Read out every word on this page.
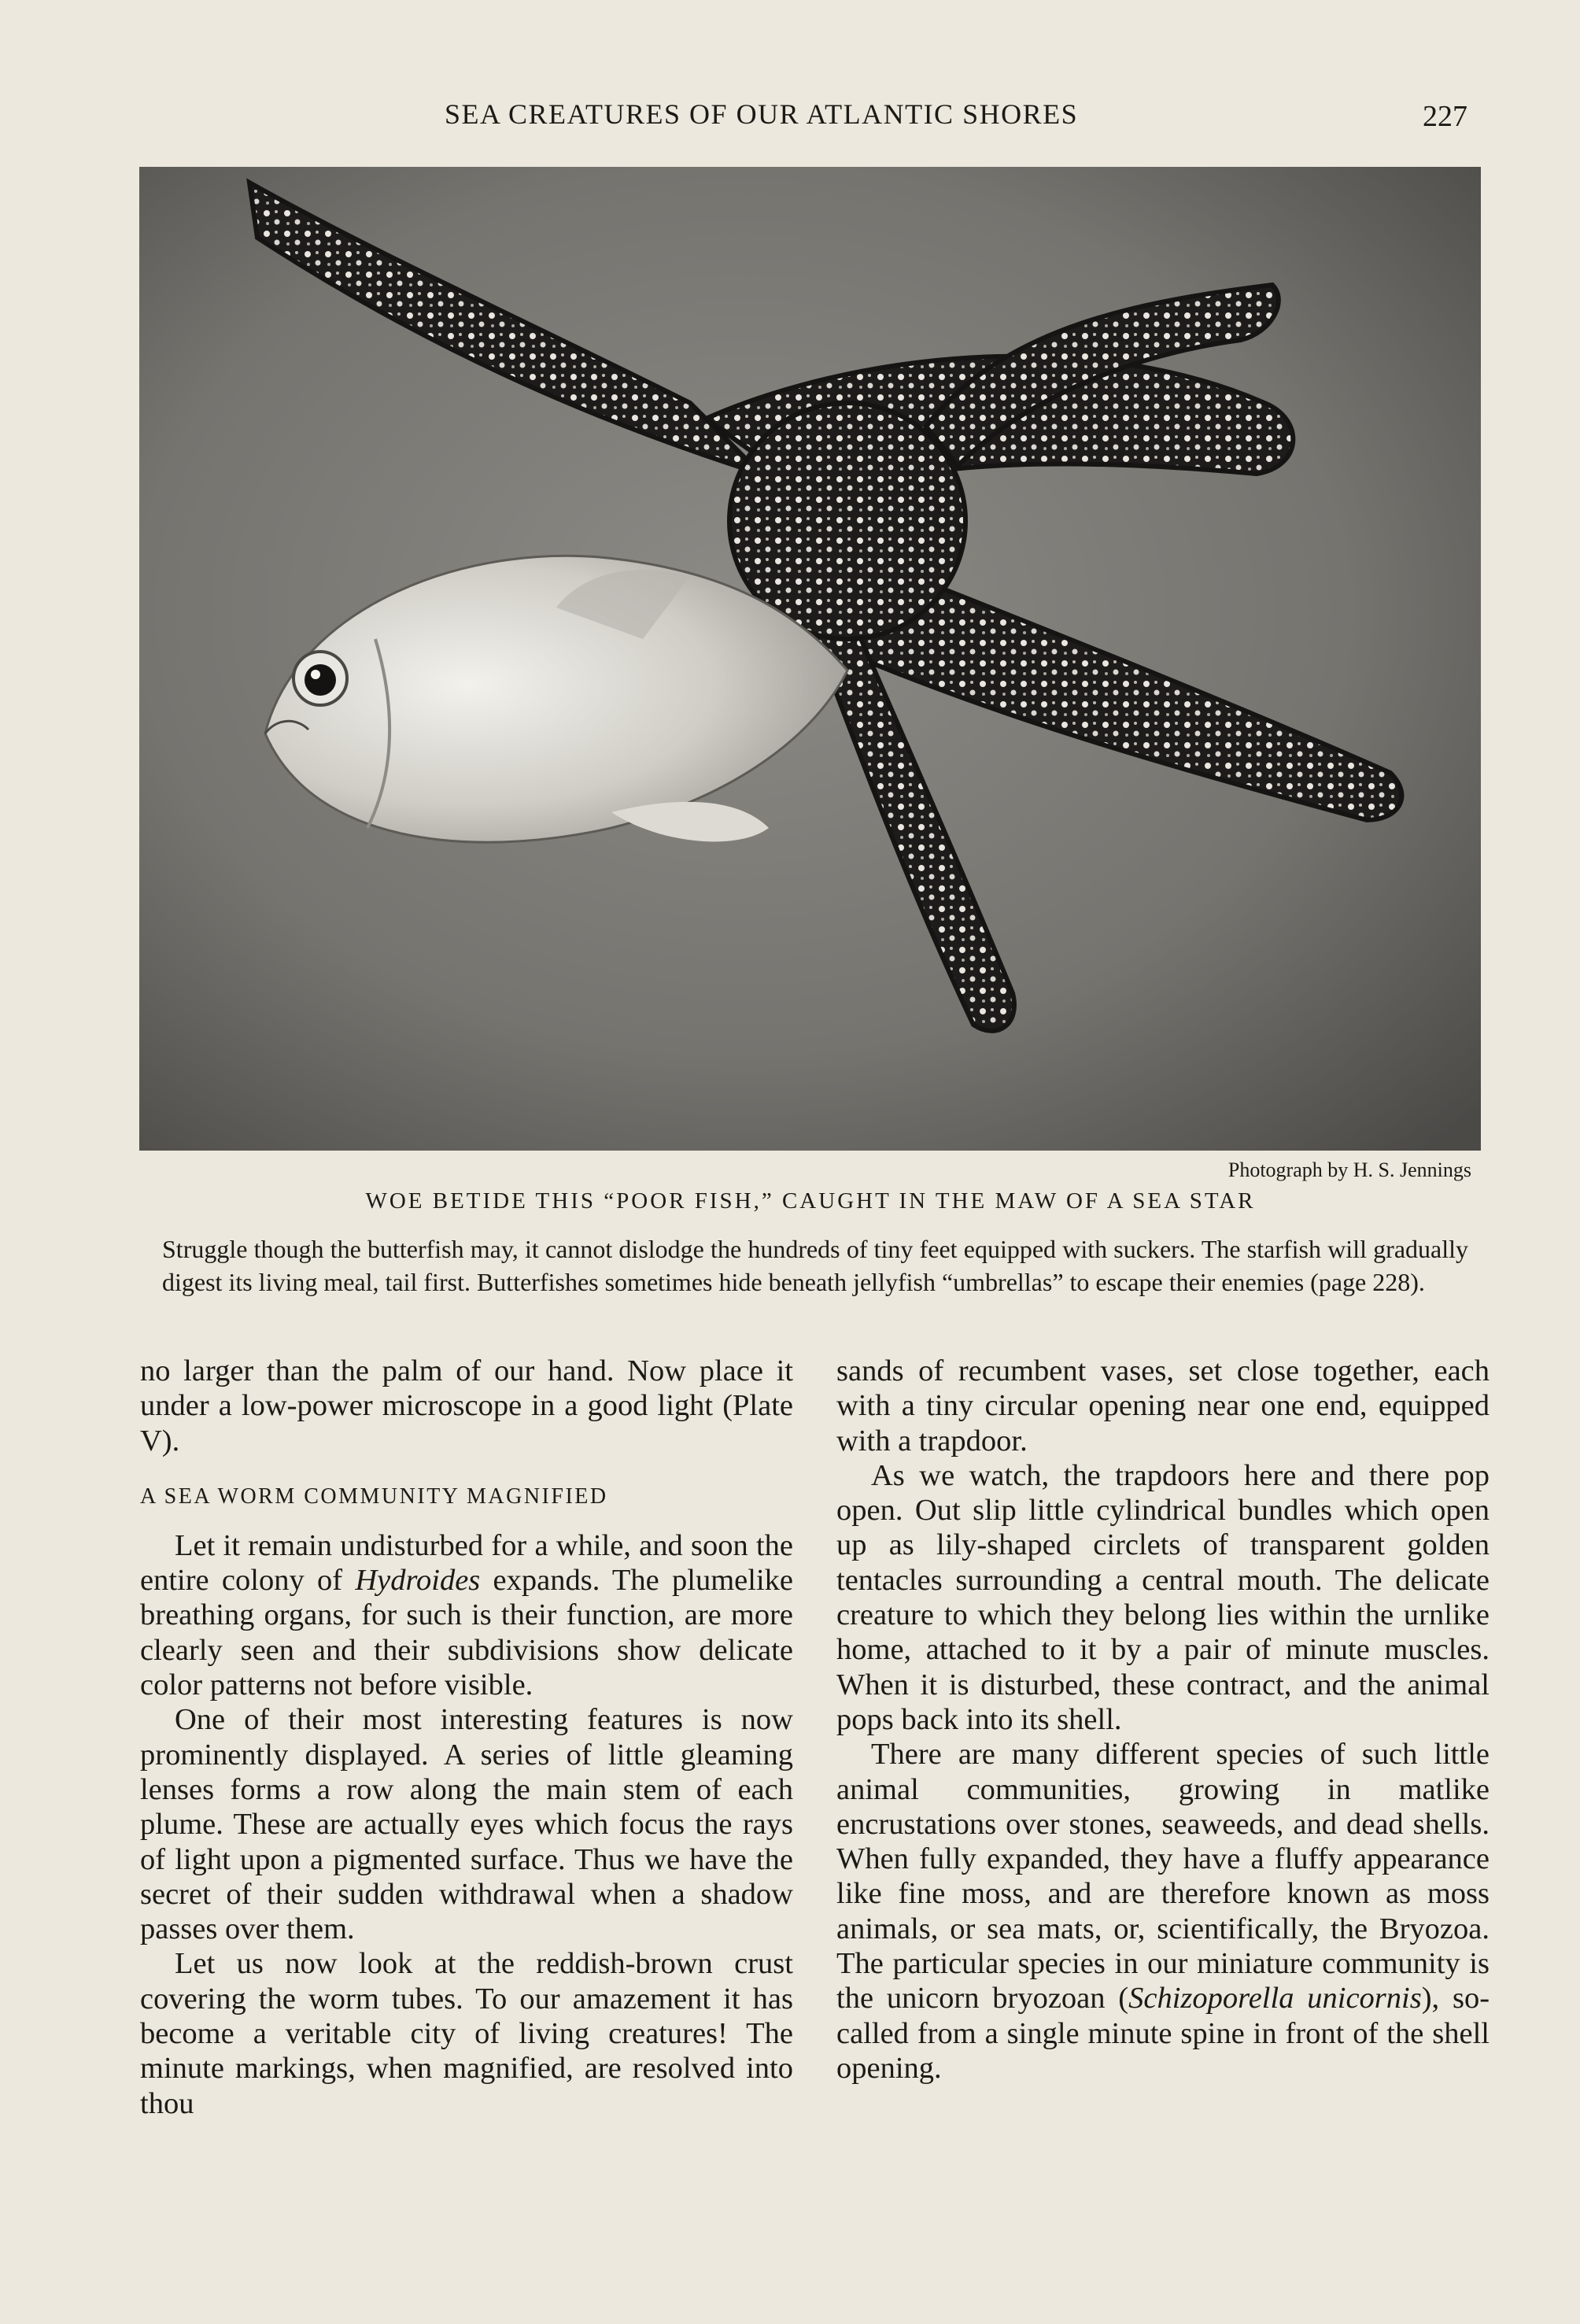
SEA CREATURES OF OUR ATLANTIC SHORES	227
Photograph by H. S. Jennings
WOE BETIDE THIS “POOR FISH,” CAUGHT IN THE MAW OF A SEA STAR
Struggle though the butterfish may, it cannot dislodge the hundreds of tiny feet equipped with suckers. The starfish will gradually digest its living meal, tail first. Butterfishes sometimes hide beneath jellyfish “umbrellas” to escape their enemies (page 228).

no larger than the palm of our hand. Now place it under a low-power microscope in a good light (Plate V).

A SEA WORM COMMUNITY MAGNIFIED

Let it remain undisturbed for a while, and soon the entire colony of Hydroides expands. The plumelike breathing organs, for such is their function, are more clearly seen and their subdivisions show delicate color patterns not before visible.

One of their most interesting features is now prominently displayed. A series of little gleaming lenses forms a row along the main stem of each plume. These are actually eyes which focus the rays of light upon a pigmented surface. Thus we have the secret of their sudden withdrawal when a shadow passes over them.

Let us now look at the reddish-brown crust covering the worm tubes. To our amazement it has become a veritable city of living creatures! The minute markings, when magnified, are resolved into thou

sands of recumbent vases, set close together, each with a tiny circular opening near one end, equipped with a trapdoor.

As we watch, the trapdoors here and there pop open. Out slip little cylindrical bundles which open up as lily-shaped circlets of transparent golden tentacles surrounding a central mouth. The delicate creature to which they belong lies within the urnlike home, attached to it by a pair of minute muscles. When it is disturbed, these contract, and the animal pops back into its shell.

There are many different species of such little animal communities, growing in matlike encrustations over stones, seaweeds, and dead shells. When fully expanded, they have a fluffy appearance like fine moss, and are therefore known as moss animals, or sea mats, or, scientifically, the Bryozoa. The particular species in our miniature community is the unicorn bryozoan (Schizoporella unicornis), so-called from a single minute spine in front of the shell opening.
